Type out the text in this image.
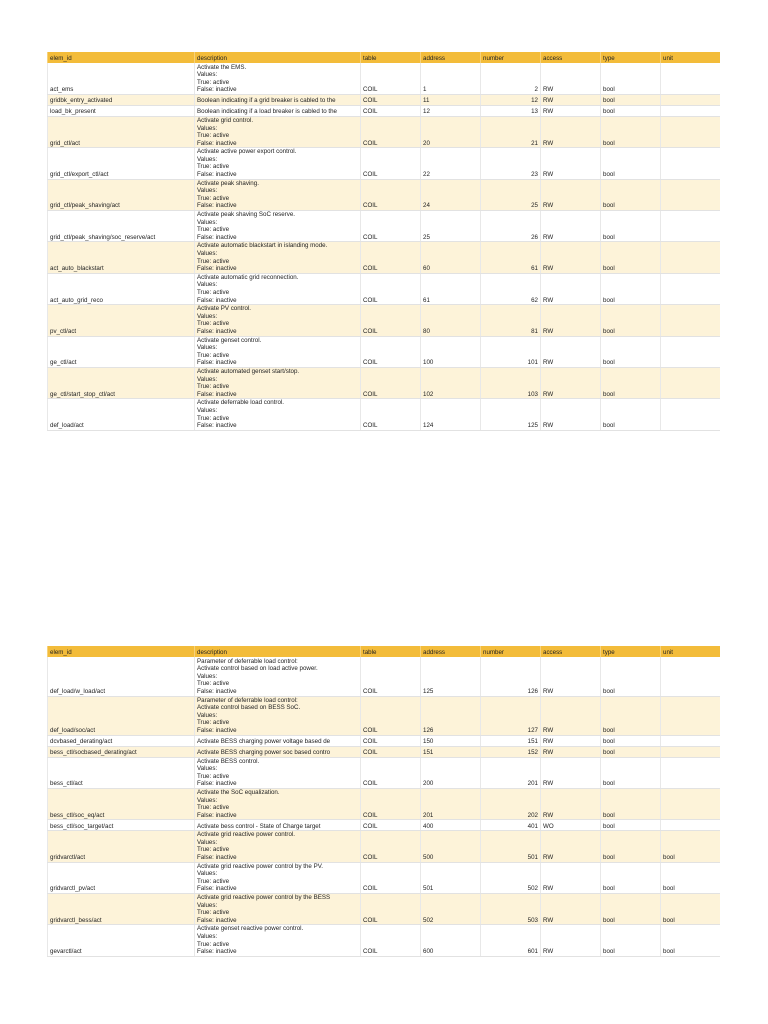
elem_id	description	table	address	number	access	type	unit
act_ems	Activate the EMS.
Values:
True: active
False: inactive	COIL	1	2	RW	bool	
gridbk_entry_activated	Boolean indicating if a grid breaker is cabled to the	COIL	11	12	RW	bool	
load_bk_present	Boolean indicating if a load breaker is cabled to the	COIL	12	13	RW	bool	
grid_ctl/act	Activate grid control.
Values:
True: active
False: inactive	COIL	20	21	RW	bool	
grid_ctl/export_ctl/act	Activate active power export control.
Values:
True: active
False: inactive	COIL	22	23	RW	bool	
grid_ctl/peak_shaving/act	Activate peak shaving.
Values:
True: active
False: inactive	COIL	24	25	RW	bool	
grid_ctl/peak_shaving/soc_reserve/act	Activate peak shaving SoC reserve.
Values:
True: active
False: inactive	COIL	25	26	RW	bool	
act_auto_blackstart	Activate automatic blackstart in islanding mode.
Values:
True: active
False: inactive	COIL	60	61	RW	bool	
act_auto_grid_reco	Activate automatic grid reconnection.
Values:
True: active
False: inactive	COIL	61	62	RW	bool	
pv_ctl/act	Activate PV control.
Values:
True: active
False: inactive	COIL	80	81	RW	bool	
ge_ctl/act	Activate genset control.
Values:
True: active
False: inactive	COIL	100	101	RW	bool	
ge_ctl/start_stop_ctl/act	Activate automated genset start/stop.
Values:
True: active
False: inactive	COIL	102	103	RW	bool	
def_load/act	Activate deferrable load control.
Values:
True: active
False: inactive	COIL	124	125	RW	bool	
elem_id	description	table	address	number	access	type	unit
def_load/w_load/act	Parameter of deferrable load control:
Activate control based on load active power.
Values:
True: active
False: inactive	COIL	125	126	RW	bool	
def_load/soc/act	Parameter of deferrable load control:
Activate control based on BESS SoC.
Values:
True: active
False: inactive	COIL	126	127	RW	bool	
dcvbased_derating/act	Activate BESS charging power voltage based de	COIL	150	151	RW	bool	
bess_ctl/socbased_derating/act	Activate BESS charging power soc based contro	COIL	151	152	RW	bool	
bess_ctl/act	Activate BESS control.
Values:
True: active
False: inactive	COIL	200	201	RW	bool	
bess_ctl/soc_eq/act	Activate the SoC equalization.
Values:
True: active
False: inactive	COIL	201	202	RW	bool	
bess_ctl/soc_target/act	Activate bess control - State of Charge target	COIL	400	401	WO	bool	
gridvarctl/act	Activate grid reactive power control.
Values:
True: active
False: inactive	COIL	500	501	RW	bool	bool
gridvarctl_pv/act	Activate grid reactive power control by the PV.
Values:
True: active
False: inactive	COIL	501	502	RW	bool	bool
gridvarctl_bess/act	Activate grid reactive power control by the BESS
Values:
True: active
False: inactive	COIL	502	503	RW	bool	bool
gevarctl/act	Activate genset reactive power control.
Values:
True: active
False: inactive	COIL	600	601	RW	bool	bool
